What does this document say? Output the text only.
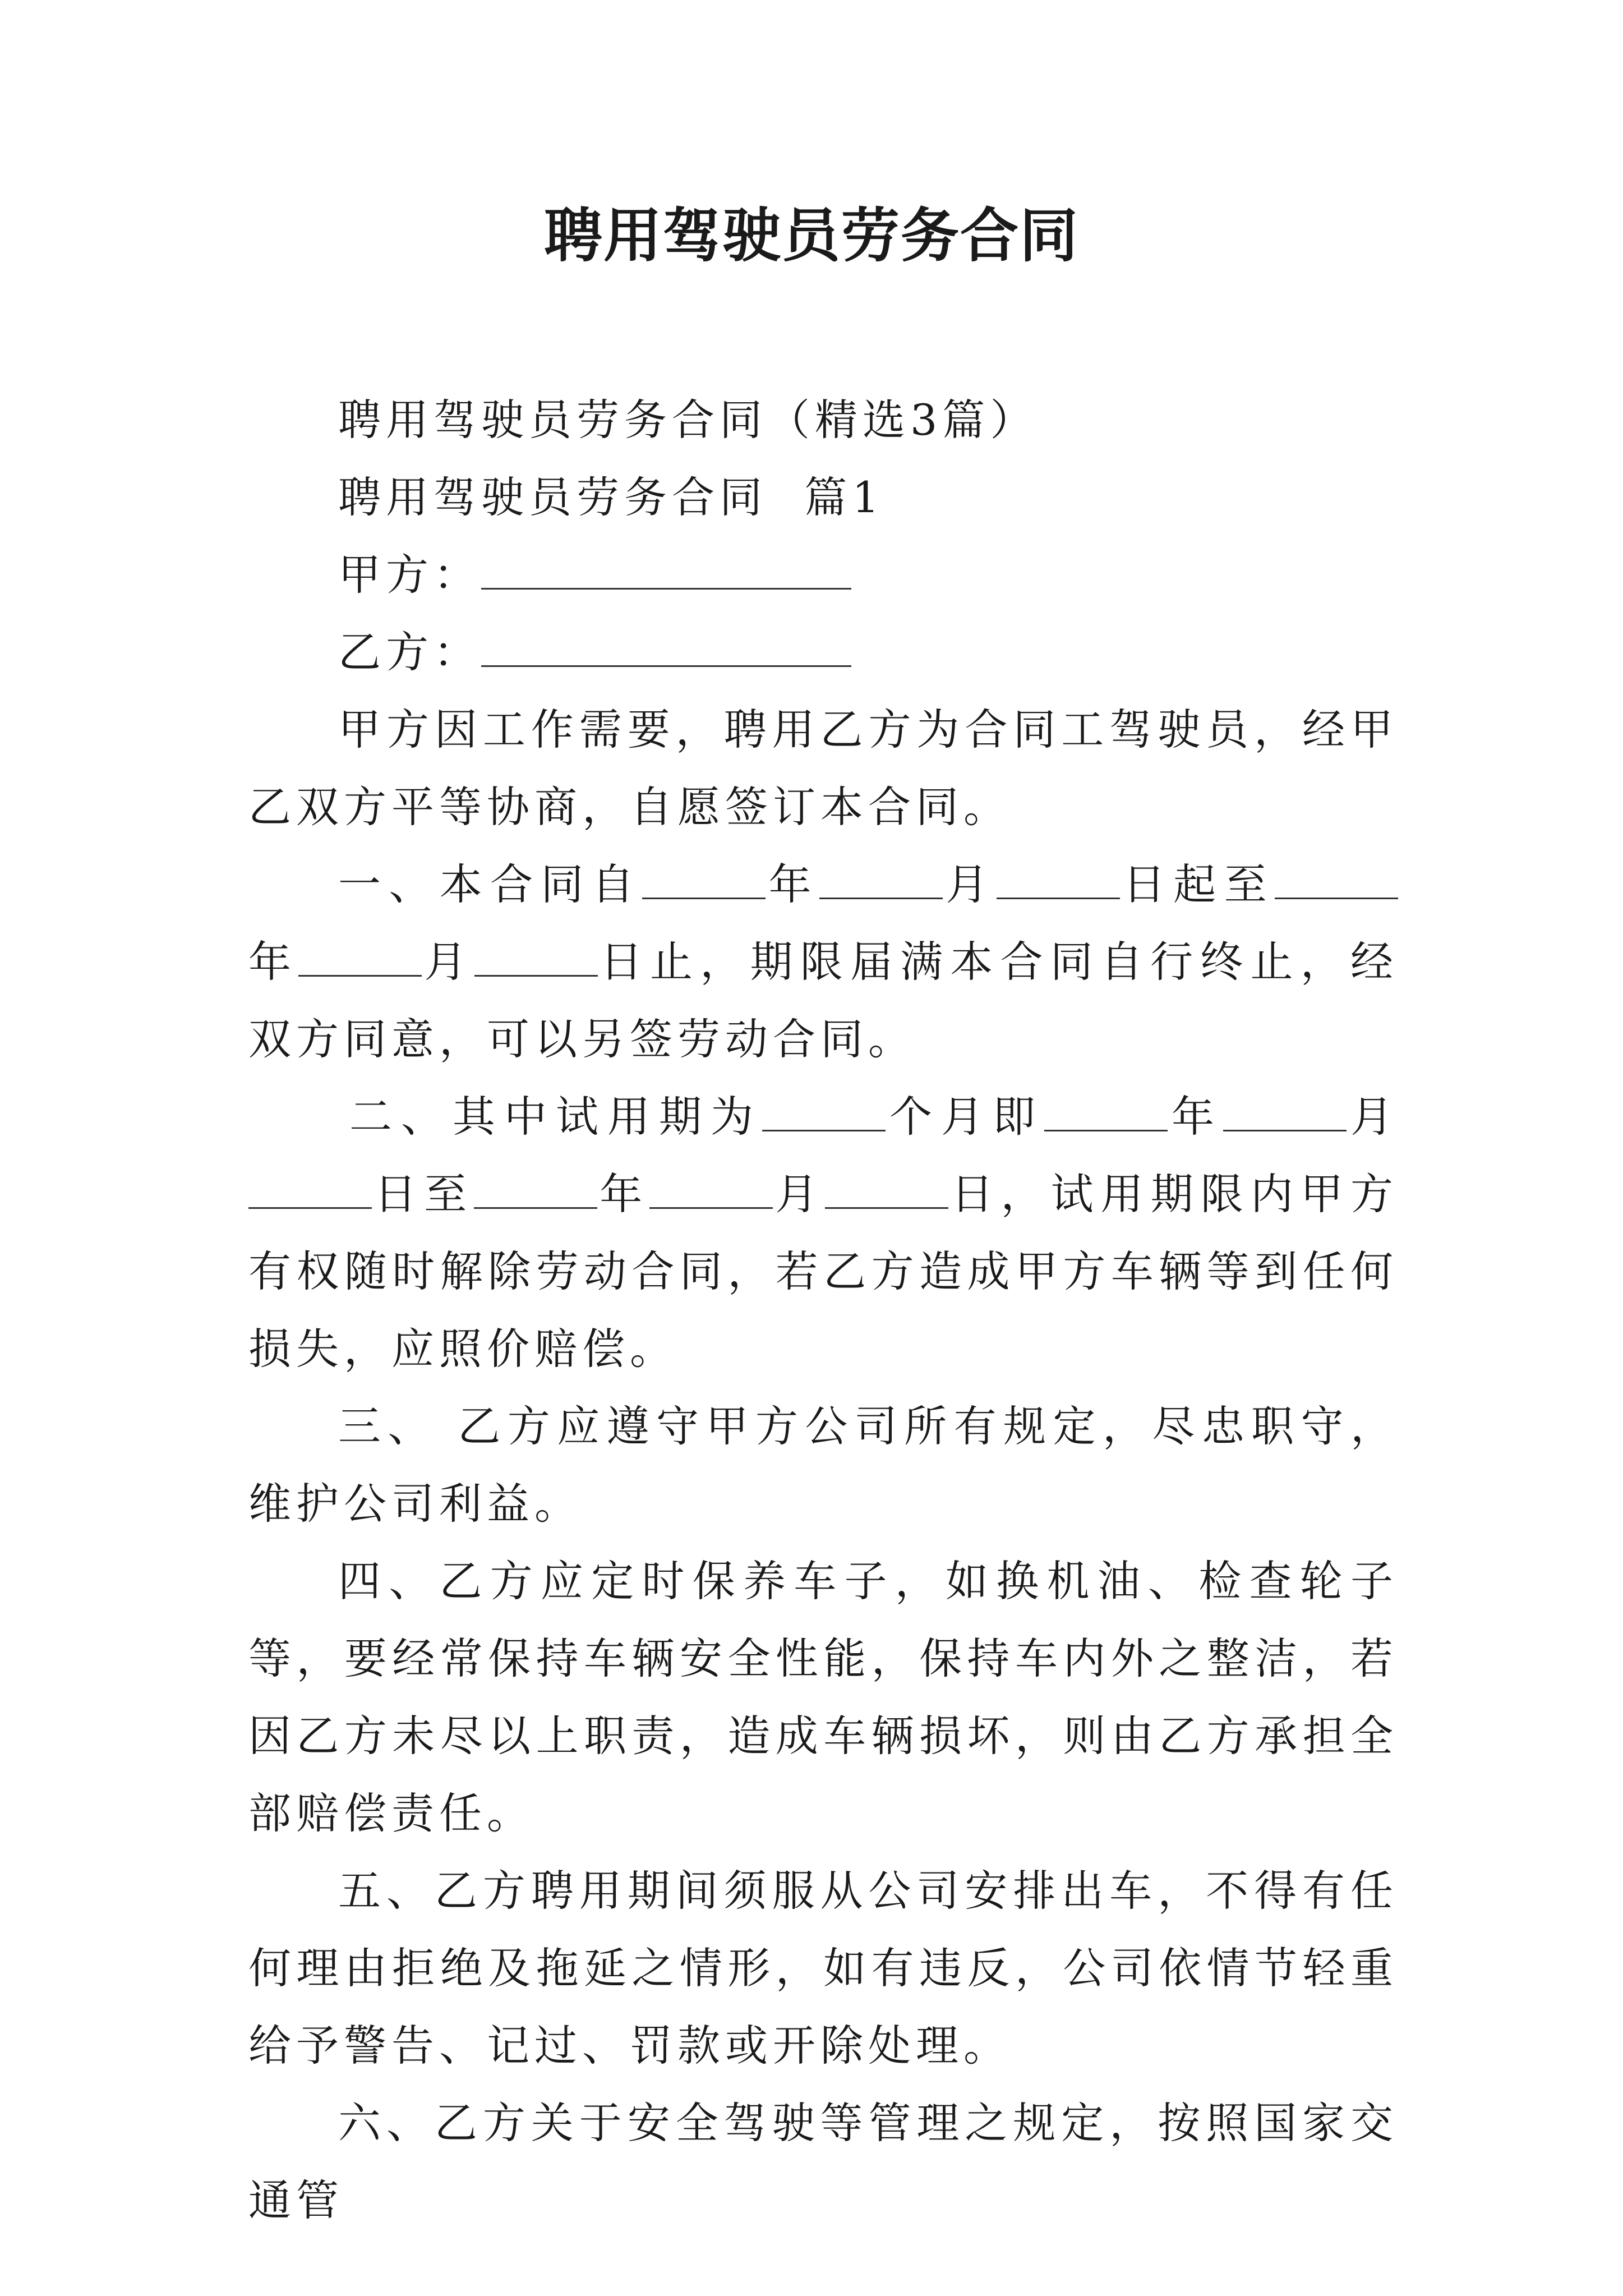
聘用驾驶员劳务合同

聘用驾驶员劳务合同（精选3篇）

聘用驾驶员劳务合同  篇1

甲方：

乙方：

甲方因工作需要，聘用乙方为合同工驾驶员，经甲乙双方平等协商，自愿签订本合同。

一、本合同自	年	月	日起至年	月	日止，期限届满本合同自行终止，经双方同意，可以另签劳动合同。

二、其中试用期为	个月即	年	月日至	年	月	日，试用期限内甲方有权随时解除劳动合同，若乙方造成甲方车辆等到任何损失，应照价赔偿。

三、 乙方应遵守甲方公司所有规定，尽忠职守，维护公司利益。

四、乙方应定时保养车子，如换机油、检查轮子等，要经常保持车辆安全性能，保持车内外之整洁，若因乙方未尽以上职责，造成车辆损坏，则由乙方承担全部赔偿责任。

五、乙方聘用期间须服从公司安排出车，不得有任何理由拒绝及拖延之情形，如有违反，公司依情节轻重给予警告、记过、罚款或开除处理。

六、乙方关于安全驾驶等管理之规定，按照国家交通管
